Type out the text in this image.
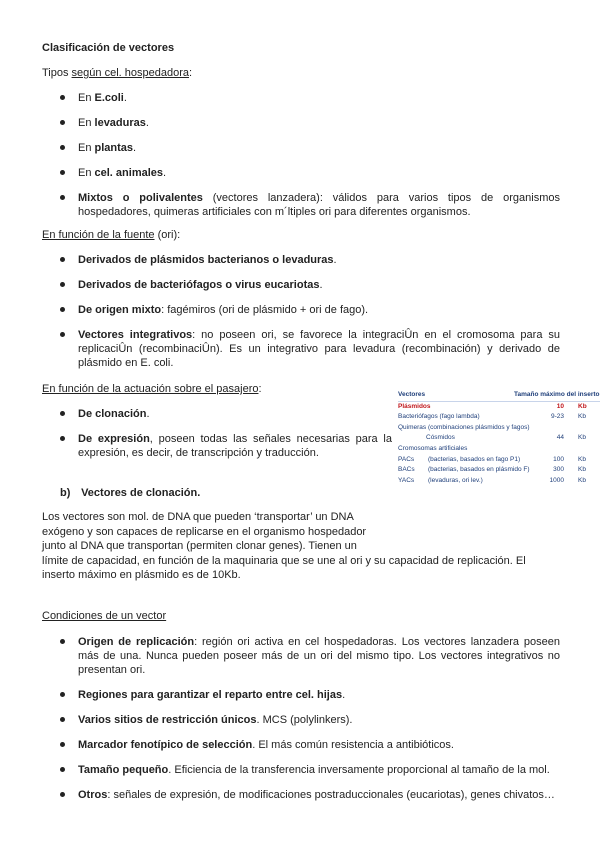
Clasificación de vectores
Tipos según cel. hospedadora:
En E.coli.
En levaduras.
En plantas.
En cel. animales.
Mixtos o polivalentes (vectores lanzadera): válidos para varios tipos de organismos hospedadores, quimeras artificiales con m´ltiples ori para diferentes organismos.
En función de la fuente (ori):
Derivados de plásmidos bacterianos o levaduras.
Derivados de bacteriófagos o virus eucariotas.
De origen mixto: fagémiros (ori de plásmido + ori de fago).
Vectores integrativos: no poseen ori, se favorece la integraciÛn en el cromosoma para su replicaciÛn (recombinaciÛn). Es un integrativo para levadura (recombinación) y derivado de plásmido en E. coli.
En función de la actuación sobre el pasajero:
De clonación.
De expresión, poseen todas las señales necesarias para la expresión, es decir, de transcripción y traducción.
Vectores	Tamaño máximo del inserto
Plásmidos	10 Kb
Bacteriófagos (fago lambda)	9-23 Kb
Quimeras (combinaciones plásmidos y fagos)
Cósmidos	44 Kb
Cromosomas artificiales
PACs (bacterias, basados en fago P1)	100 Kb
BACs (bacterias, basados en plásmido F)	300 Kb
YACs (levaduras, ori lev.)	1000 Kb
b) Vectores de clonación.
Los vectores son mol. de DNA que pueden ‘transportar’ un DNA
exógeno y son capaces de replicarse en el organismo hospedador
junto al DNA que transportan (permiten clonar genes). Tienen un
límite de capacidad, en función de la maquinaria que se une al ori y su capacidad de replicación. El
inserto máximo en plásmido es de 10Kb.
Condiciones de un vector
Origen de replicación: región ori activa en cel hospedadoras. Los vectores lanzadera poseen más de una. Nunca pueden poseer más de un ori del mismo tipo. Los vectores integrativos no presentan ori.
Regiones para garantizar el reparto entre cel. hijas.
Varios sitios de restricción únicos. MCS (polylinkers).
Marcador fenotípico de selección. El más común resistencia a antibióticos.
Tamaño pequeño. Eficiencia de la transferencia inversamente proporcional al tamaño de la mol.
Otros: señales de expresión, de modificaciones postraduccionales (eucariotas), genes chivatos…
